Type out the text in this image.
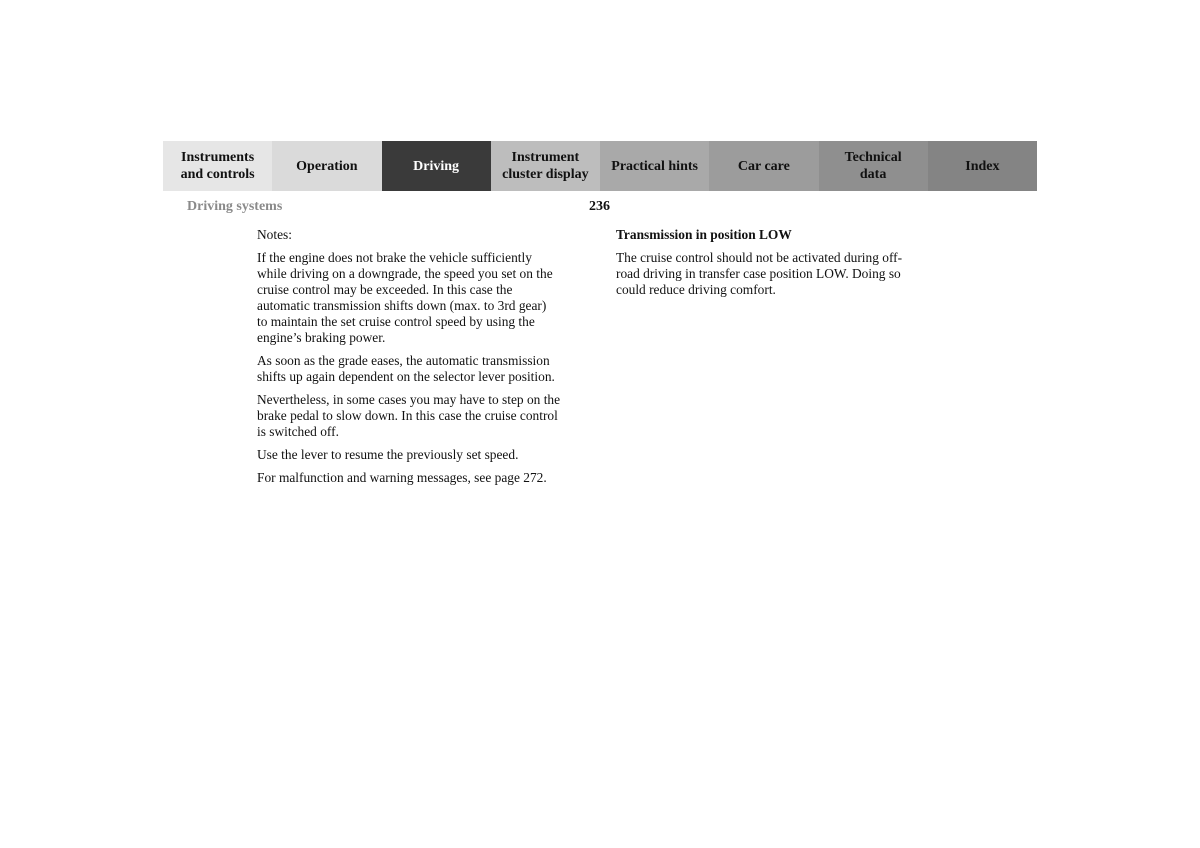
Instruments
and controls
Operation	Driving
Instrument
cluster display
Practical hints	Car care
Technical
data
Index
Driving systems	236

Notes:

If the engine does not brake the vehicle sufficiently
while driving on a downgrade, the speed you set on the
cruise control may be exceeded. In this case the
automatic transmission shifts down (max. to 3rd gear)
to maintain the set cruise control speed by using the
engine’s braking power.

As soon as the grade eases, the automatic transmission
shifts up again dependent on the selector lever position.

Nevertheless, in some cases you may have to step on the
brake pedal to slow down. In this case the cruise control
is switched off.

Use the lever to resume the previously set speed.

For malfunction and warning messages, see page 272.

Transmission in position LOW

The cruise control should not be activated during off-
road driving in transfer case position LOW. Doing so
could reduce driving comfort.
